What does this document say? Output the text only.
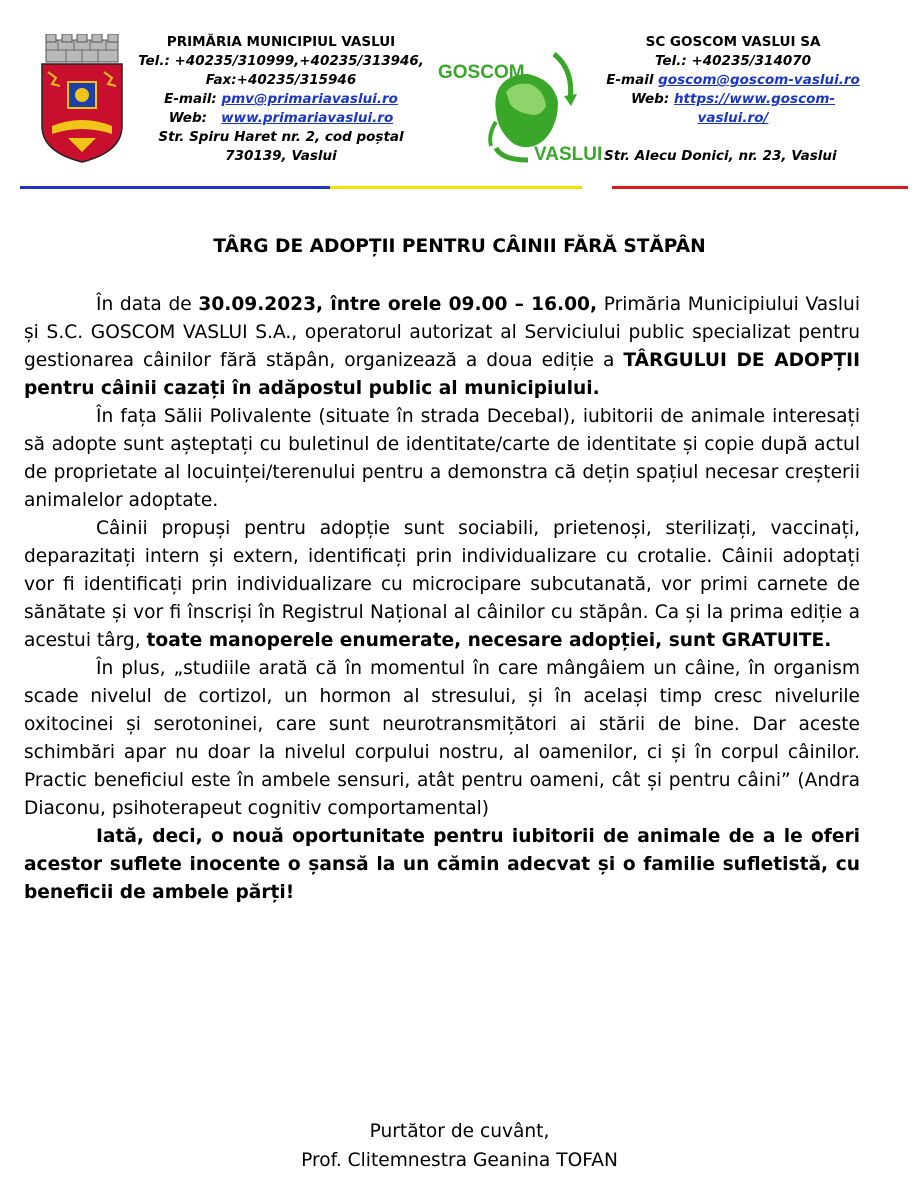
PRIMĂRIA MUNICIPIUL VASLUI
Tel.: +40235/310999,+40235/313946,
Fax:+40235/315946
E-mail: pmv@primariavaslui.ro
Web: www.primariavaslui.ro
Str. Spiru Haret nr. 2, cod poștal
730139, Vaslui
GOSCOM
VASLUI
SC GOSCOM VASLUI SA
Tel.: +40235/314070
E-mail goscom@goscom-vaslui.ro
Web: https://www.goscom-
vaslui.ro/
Str. Alecu Donici, nr. 23, Vaslui
TÂRG DE ADOPȚII PENTRU CÂINII FĂRĂ STĂPÂN

În data de 30.09.2023, între orele 09.00 – 16.00, Primăria Municipiului Vaslui și S.C. GOSCOM VASLUI S.A., operatorul autorizat al Serviciului public specializat pentru gestionarea câinilor fără stăpân, organizează a doua ediție a TÂRGULUI DE ADOPȚII pentru câinii cazați în adăpostul public al municipiului.

În fața Sălii Polivalente (situate în strada Decebal), iubitorii de animale interesați să adopte sunt așteptați cu buletinul de identitate/carte de identitate și copie după actul de proprietate al locuinței/terenului pentru a demonstra că dețin spațiul necesar creșterii animalelor adoptate.

Câinii propuși pentru adopție sunt sociabili, prietenoși, sterilizați, vaccinați, deparazitați intern și extern, identificați prin individualizare cu crotalie. Câinii adoptați vor fi identificați prin individualizare cu microcipare subcutanată, vor primi carnete de sănătate și vor fi înscriși în Registrul Național al câinilor cu stăpân. Ca și la prima ediție a acestui târg, toate manoperele enumerate, necesare adopției, sunt GRATUITE.

În plus, „studiile arată că în momentul în care mângâiem un câine, în organism scade nivelul de cortizol, un hormon al stresului, și în același timp cresc nivelurile oxitocinei și serotoninei, care sunt neurotransmițători ai stării de bine. Dar aceste schimbări apar nu doar la nivelul corpului nostru, al oamenilor, ci și în corpul câinilor. Practic beneficiul este în ambele sensuri, atât pentru oameni, cât și pentru câini” (Andra Diaconu, psihoterapeut cognitiv comportamental)

Iată, deci, o nouă oportunitate pentru iubitorii de animale de a le oferi acestor suflete inocente o șansă la un cămin adecvat și o familie sufletistă, cu beneficii de ambele părți!

Purtător de cuvânt,
Prof. Clitemnestra Geanina TOFAN
